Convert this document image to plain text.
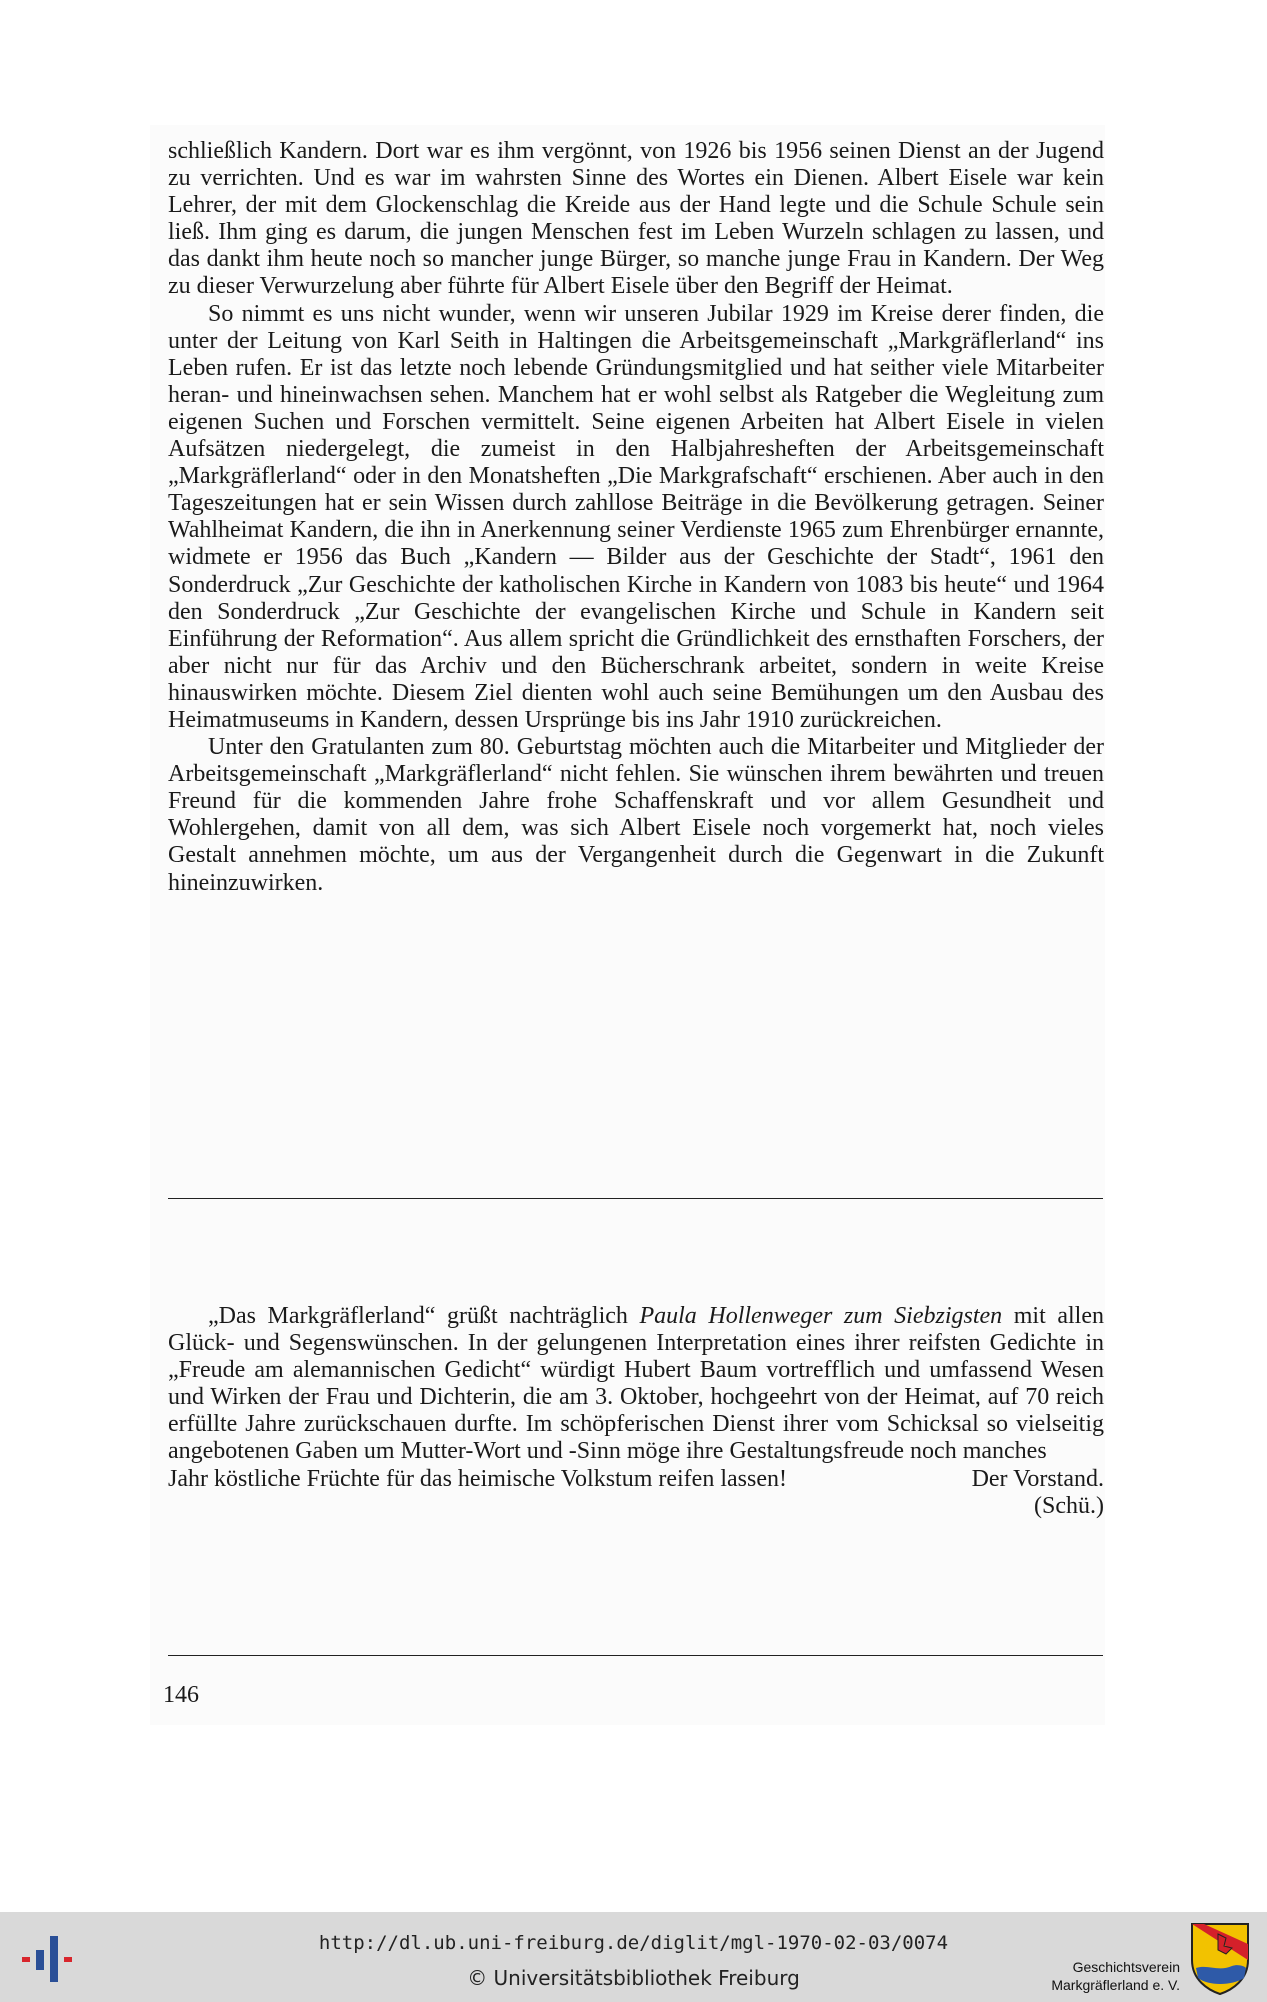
schließlich Kandern. Dort war es ihm vergönnt, von 1926 bis 1956 seinen Dienst an der Jugend zu verrichten. Und es war im wahrsten Sinne des Wortes ein Dienen. Albert Eisele war kein Lehrer, der mit dem Glockenschlag die Kreide aus der Hand legte und die Schule Schule sein ließ. Ihm ging es darum, die jungen Menschen fest im Leben Wurzeln schlagen zu lassen, und das dankt ihm heute noch so mancher junge Bürger, so manche junge Frau in Kandern. Der Weg zu dieser Verwurzelung aber führte für Albert Eisele über den Begriff der Heimat.

So nimmt es uns nicht wunder, wenn wir unseren Jubilar 1929 im Kreise derer finden, die unter der Leitung von Karl Seith in Haltingen die Arbeitsgemeinschaft „Markgräflerland“ ins Leben rufen. Er ist das letzte noch lebende Gründungsmitglied und hat seither viele Mitarbeiter heran- und hineinwachsen sehen. Manchem hat er wohl selbst als Ratgeber die Wegleitung zum eigenen Suchen und Forschen vermittelt. Seine eigenen Arbeiten hat Albert Eisele in vielen Aufsätzen niedergelegt, die zumeist in den Halbjahresheften der Arbeitsgemeinschaft „Markgräflerland“ oder in den Monatsheften „Die Markgrafschaft“ erschienen. Aber auch in den Tageszeitungen hat er sein Wissen durch zahllose Beiträge in die Bevölkerung getragen. Seiner Wahlheimat Kandern, die ihn in Anerkennung seiner Verdienste 1965 zum Ehrenbürger ernannte, widmete er 1956 das Buch „Kandern — Bilder aus der Geschichte der Stadt“, 1961 den Sonderdruck „Zur Geschichte der katholischen Kirche in Kandern von 1083 bis heute“ und 1964 den Sonderdruck „Zur Geschichte der evangelischen Kirche und Schule in Kandern seit Einführung der Reformation“. Aus allem spricht die Gründlichkeit des ernsthaften Forschers, der aber nicht nur für das Archiv und den Bücherschrank arbeitet, sondern in weite Kreise hinauswirken möchte. Diesem Ziel dienten wohl auch seine Bemühungen um den Ausbau des Heimatmuseums in Kandern, dessen Ursprünge bis ins Jahr 1910 zurückreichen.

Unter den Gratulanten zum 80. Geburtstag möchten auch die Mitarbeiter und Mitglieder der Arbeitsgemeinschaft „Markgräflerland“ nicht fehlen. Sie wünschen ihrem bewährten und treuen Freund für die kommenden Jahre frohe Schaffenskraft und vor allem Gesundheit und Wohlergehen, damit von all dem, was sich Albert Eisele noch vorgemerkt hat, noch vieles Gestalt annehmen möchte, um aus der Vergangenheit durch die Gegenwart in die Zukunft hineinzuwirken.

„Das Markgräflerland“ grüßt nachträglich Paula Hollenweger zum Siebzigsten mit allen Glück- und Segenswünschen. In der gelungenen Interpretation eines ihrer reifsten Gedichte in „Freude am alemannischen Gedicht“ würdigt Hubert Baum vortrefflich und umfassend Wesen und Wirken der Frau und Dichterin, die am 3. Oktober, hochgeehrt von der Heimat, auf 70 reich erfüllte Jahre zurückschauen durfte. Im schöpferischen Dienst ihrer vom Schicksal so vielseitig angebotenen Gaben um Mutter-Wort und -Sinn möge ihre Gestaltungsfreude noch manches

Jahr köstliche Früchte für das heimische Volkstum reifen lassen!	Der Vorstand.
(Schü.)
146
http://dl.ub.uni-freiburg.de/diglit/mgl-1970-02-03/0074
© Universitätsbibliothek Freiburg	Geschichtsverein
Markgräflerland e. V.
